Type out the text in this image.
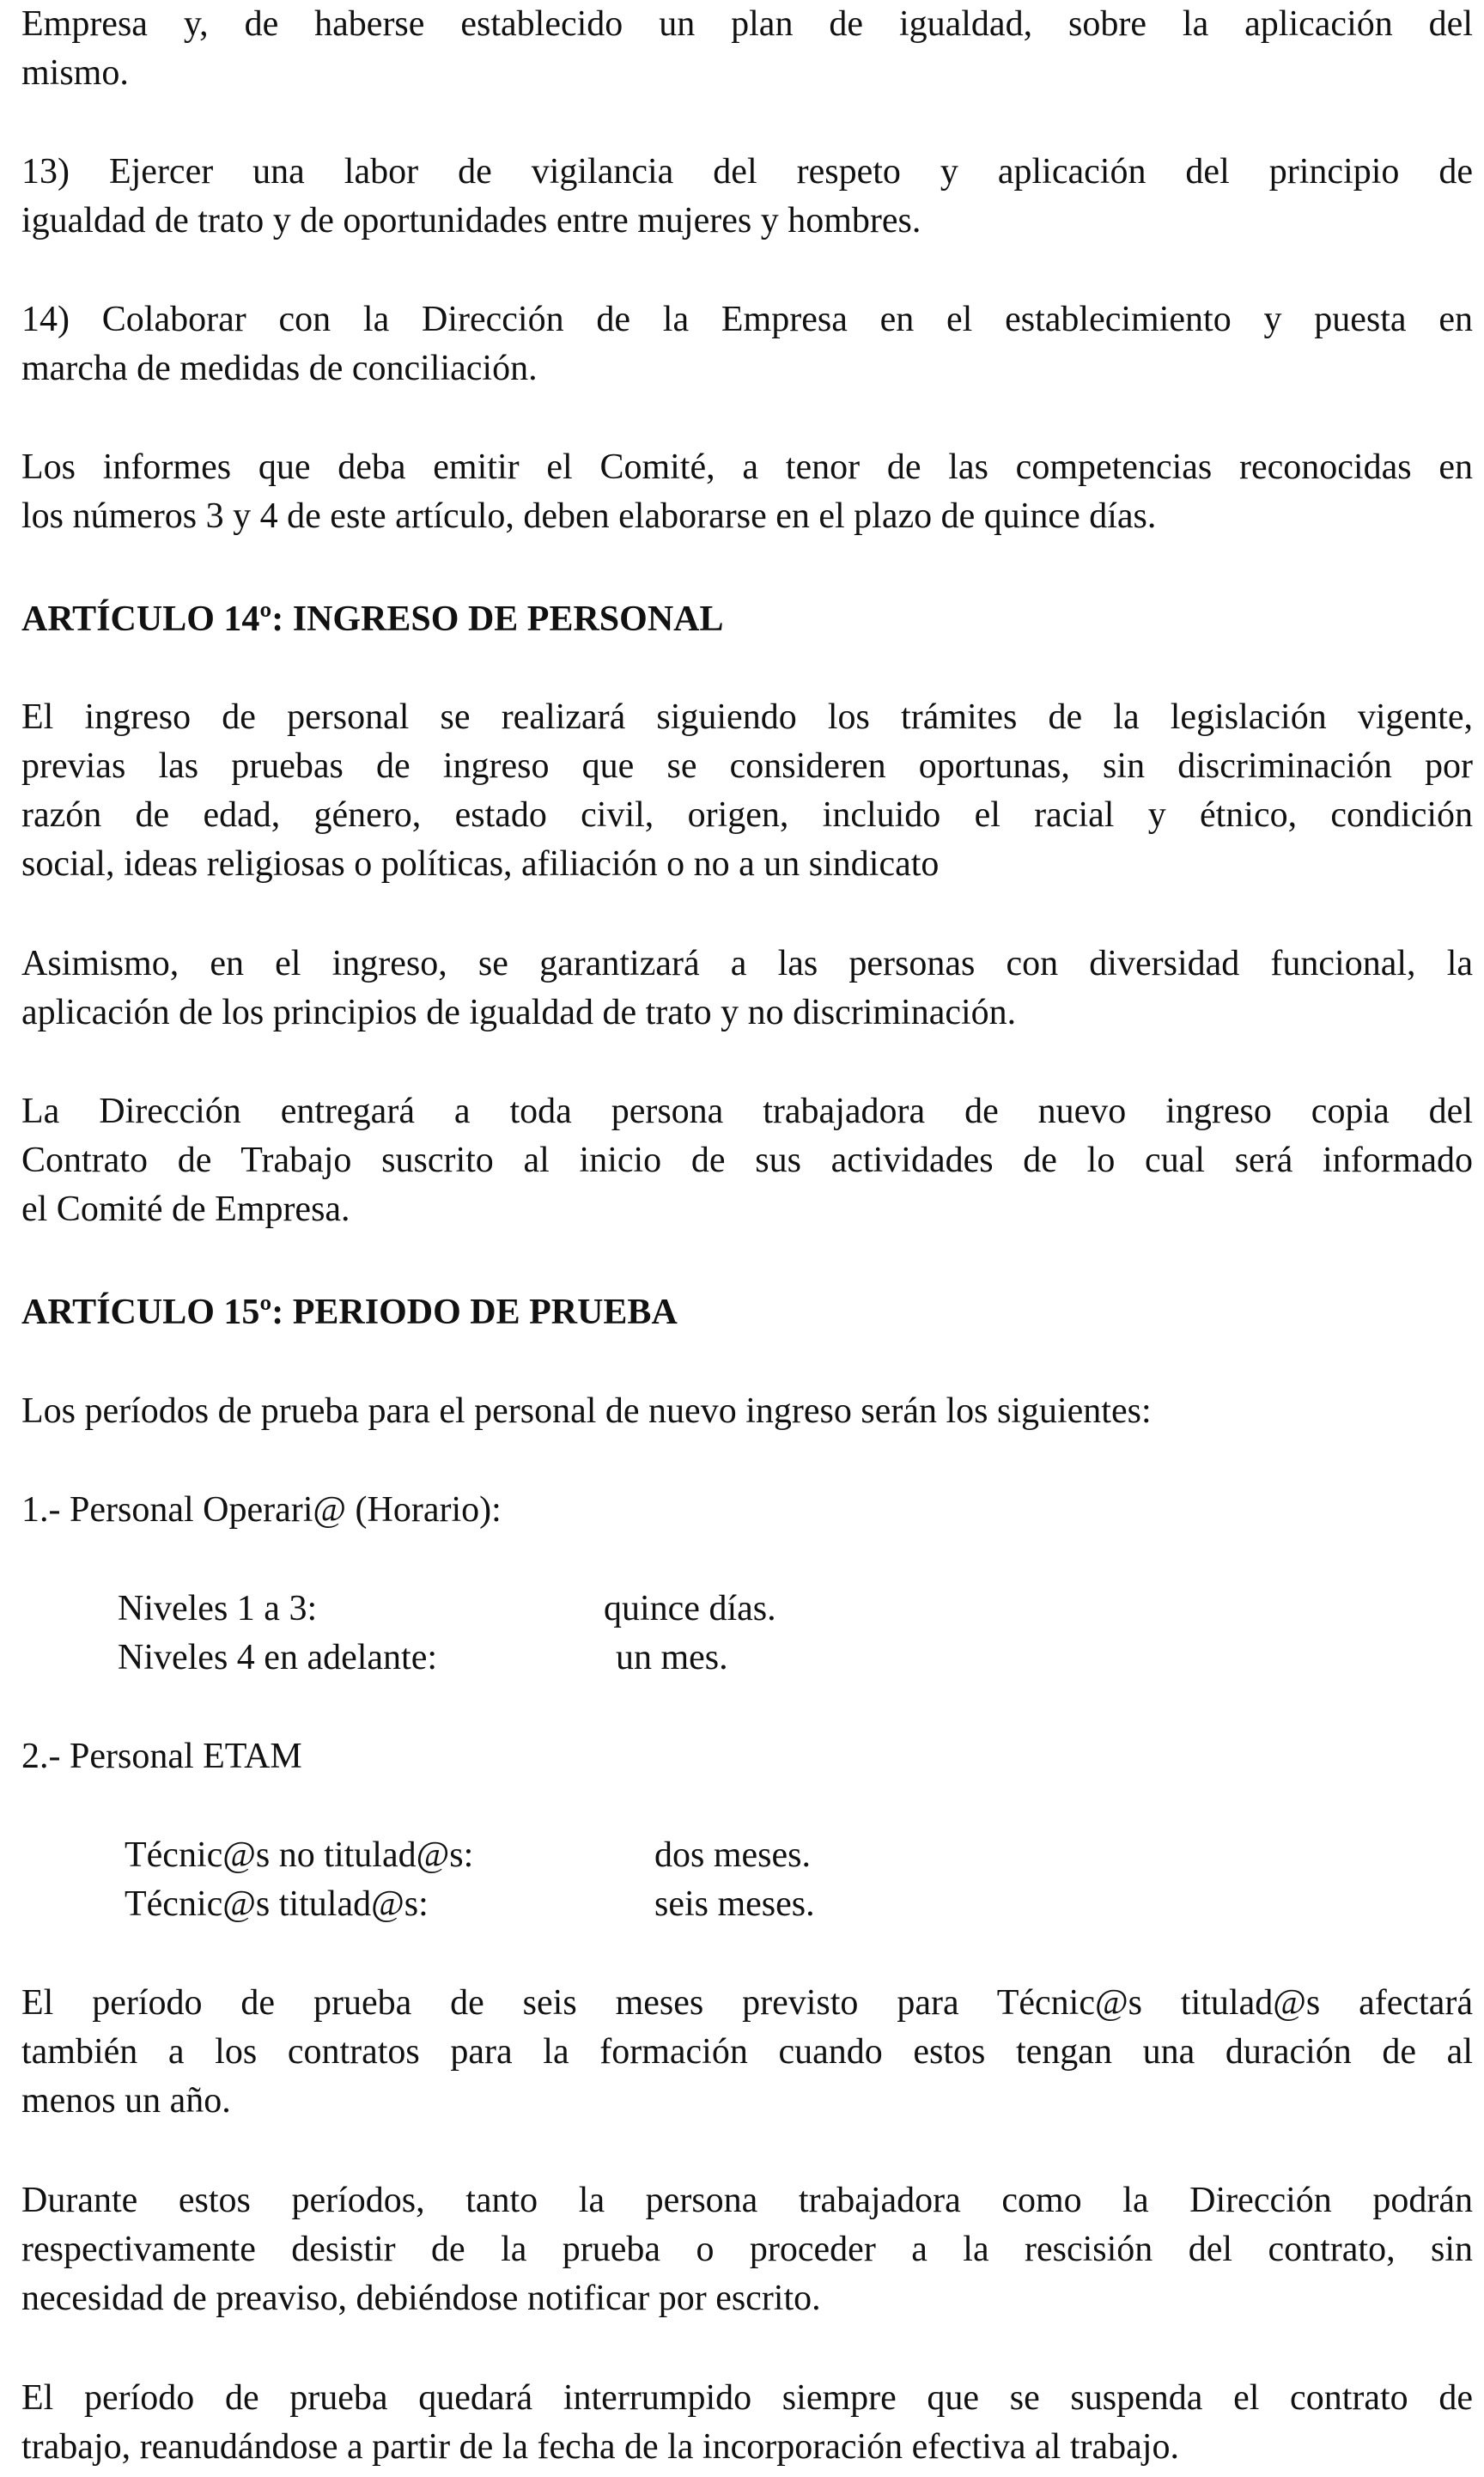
Empresa y, de haberse establecido un plan de igualdad, sobre la aplicación del
mismo.

13) Ejercer una labor de vigilancia del respeto y aplicación del principio de
igualdad de trato y de oportunidades entre mujeres y hombres.

14) Colaborar con la Dirección de la Empresa en el establecimiento y puesta en
marcha de medidas de conciliación.

Los informes que deba emitir el Comité, a tenor de las competencias reconocidas en
los números 3 y 4 de este artículo, deben elaborarse en el plazo de quince días.

ARTÍCULO 14º: INGRESO DE PERSONAL

El ingreso de personal se realizará siguiendo los trámites de la legislación vigente,
previas las pruebas de ingreso que se consideren oportunas, sin discriminación por
razón de edad, género, estado civil, origen, incluido el racial y étnico, condición
social, ideas religiosas o políticas, afiliación o no a un sindicato

Asimismo, en el ingreso, se garantizará a las personas con diversidad funcional, la
aplicación de los principios de igualdad de trato y no discriminación.

La Dirección entregará a toda persona trabajadora de nuevo ingreso copia del
Contrato de Trabajo suscrito al inicio de sus actividades de lo cual será informado
el Comité de Empresa.

ARTÍCULO 15º: PERIODO DE PRUEBA

Los períodos de prueba para el personal de nuevo ingreso serán los siguientes:

1.- Personal Operari@ (Horario):

Niveles 1 a 3:	quince días.
Niveles 4 en adelante:	un mes.

2.- Personal ETAM

Técnic@s no titulad@s:	dos meses.
Técnic@s titulad@s:	seis meses.

El período de prueba de seis meses previsto para Técnic@s titulad@s afectará
también a los contratos para la formación cuando estos tengan una duración de al
menos un año.

Durante estos períodos, tanto la persona trabajadora como la Dirección podrán
respectivamente desistir de la prueba o proceder a la rescisión del contrato, sin
necesidad de preaviso, debiéndose notificar por escrito.

El período de prueba quedará interrumpido siempre que se suspenda el contrato de
trabajo, reanudándose a partir de la fecha de la incorporación efectiva al trabajo.
